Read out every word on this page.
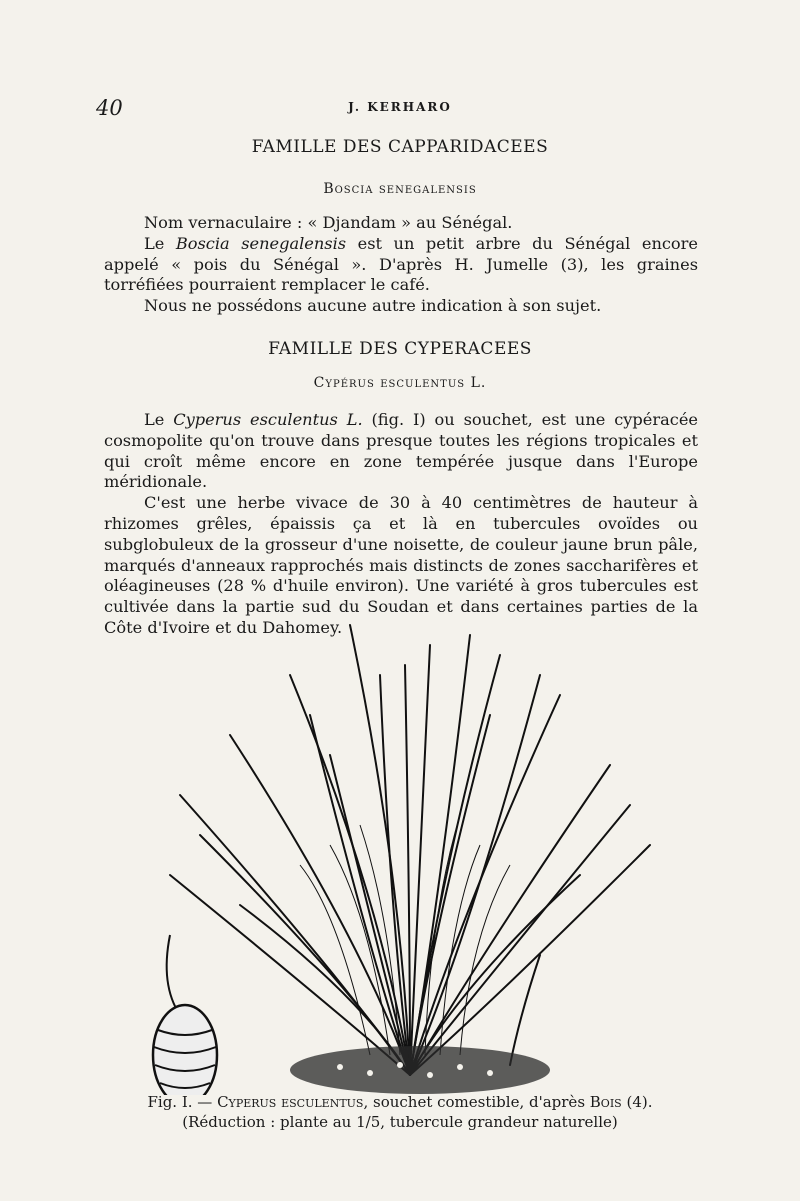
40	J. KERHARO
FAMILLE DES CAPPARIDACEES
Boscia senegalensis

Nom vernaculaire : « Djandam » au Sénégal.

Le Boscia senegalensis est un petit arbre du Sénégal encore appelé « pois du Sénégal ». D'après H. Jumelle (3), les graines torréfiées pourraient remplacer le café.

Nous ne possédons aucune autre indication à son sujet.

FAMILLE DES CYPERACEES
Cypérus esculentus L.

Le Cyperus esculentus L. (fig. I) ou souchet, est une cypéracée cosmopolite qu'on trouve dans presque toutes les régions tropicales et qui croît même encore en zone tempérée jusque dans l'Europe méridionale.

C'est une herbe vivace de 30 à 40 centimètres de hauteur à rhizomes grêles, épaissis ça et là en tubercules ovoïdes ou subglobuleux de la grosseur d'une noisette, de couleur jaune brun pâle, marqués d'anneaux rapprochés mais distincts de zones saccharifères et oléagineuses (28 % d'huile environ). Une variété à gros tubercules est cultivée dans la partie sud du Soudan et dans certaines parties de la Côte d'Ivoire et du Dahomey.

Fig. I. — Cyperus esculentus, souchet comestible, d'après Bois (4).
(Réduction : plante au 1/5, tubercule grandeur naturelle)
